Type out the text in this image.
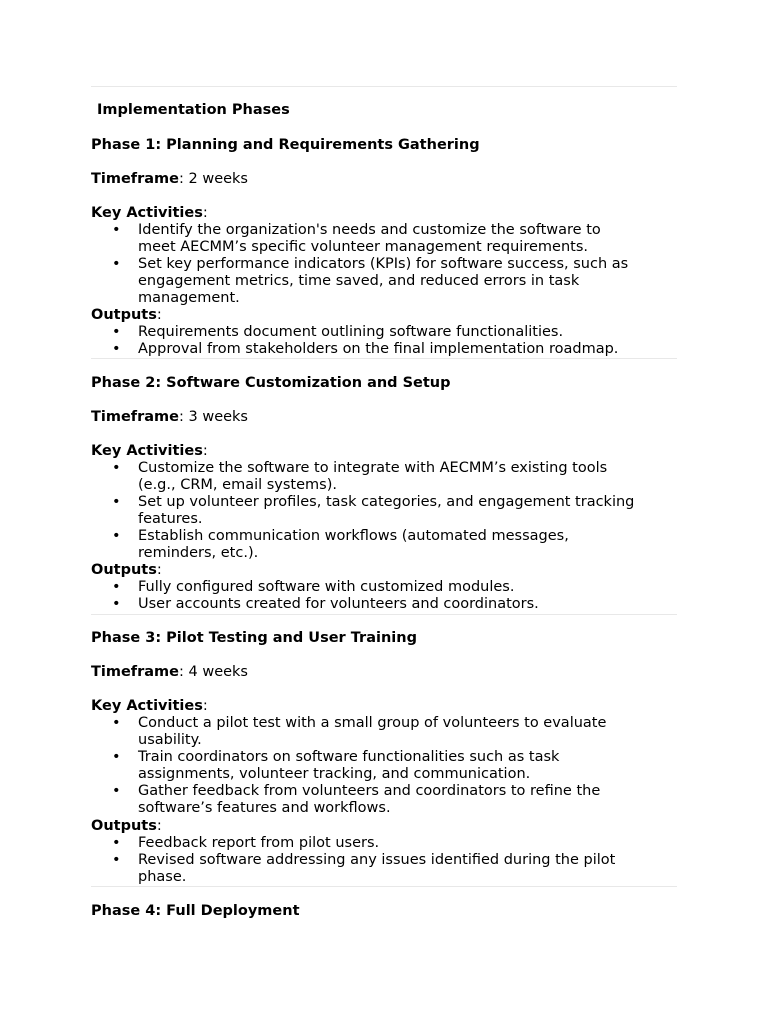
Implementation Phases
Phase 1: Planning and Requirements Gathering
Timeframe: 2 weeks
Key Activities:
• Identify the organization's needs and customize the software to
meet AECMM’s specific volunteer management requirements.
• Set key performance indicators (KPIs) for software success, such as
engagement metrics, time saved, and reduced errors in task
management.
Outputs:
• Requirements document outlining software functionalities.
• Approval from stakeholders on the final implementation roadmap.
Phase 2: Software Customization and Setup
Timeframe: 3 weeks
Key Activities:
• Customize the software to integrate with AECMM’s existing tools
(e.g., CRM, email systems).
• Set up volunteer profiles, task categories, and engagement tracking
features.
• Establish communication workflows (automated messages,
reminders, etc.).
Outputs:
• Fully configured software with customized modules.
• User accounts created for volunteers and coordinators.
Phase 3: Pilot Testing and User Training
Timeframe: 4 weeks
Key Activities:
• Conduct a pilot test with a small group of volunteers to evaluate
usability.
• Train coordinators on software functionalities such as task
assignments, volunteer tracking, and communication.
• Gather feedback from volunteers and coordinators to refine the
software’s features and workflows.
Outputs:
• Feedback report from pilot users.
• Revised software addressing any issues identified during the pilot
phase.
Phase 4: Full Deployment
